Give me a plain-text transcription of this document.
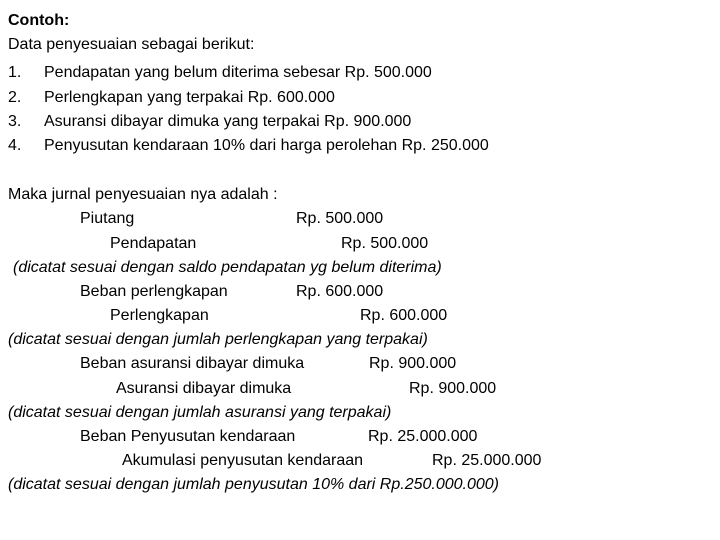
Contoh:
Data penyesuaian sebagai berikut:
1. Pendapatan yang belum diterima sebesar Rp. 500.000
2. Perlengkapan yang terpakai Rp. 600.000
3. Asuransi dibayar dimuka yang terpakai Rp. 900.000
4. Penyusutan kendaraan 10% dari harga perolehan Rp. 250.000
Maka jurnal penyesuaian nya adalah :
Piutang	Rp. 500.000
Pendapatan	Rp. 500.000
(dicatat sesuai dengan saldo pendapatan yg belum diterima)
Beban perlengkapan	Rp. 600.000
Perlengkapan	Rp. 600.000
(dicatat sesuai dengan jumlah perlengkapan yang terpakai)
Beban asuransi dibayar dimuka	Rp. 900.000
Asuransi dibayar dimuka	Rp. 900.000
(dicatat sesuai dengan jumlah asuransi yang terpakai)
Beban Penyusutan kendaraan	Rp. 25.000.000
Akumulasi penyusutan kendaraan	Rp. 25.000.000
(dicatat sesuai dengan jumlah penyusutan 10% dari Rp.250.000.000)
